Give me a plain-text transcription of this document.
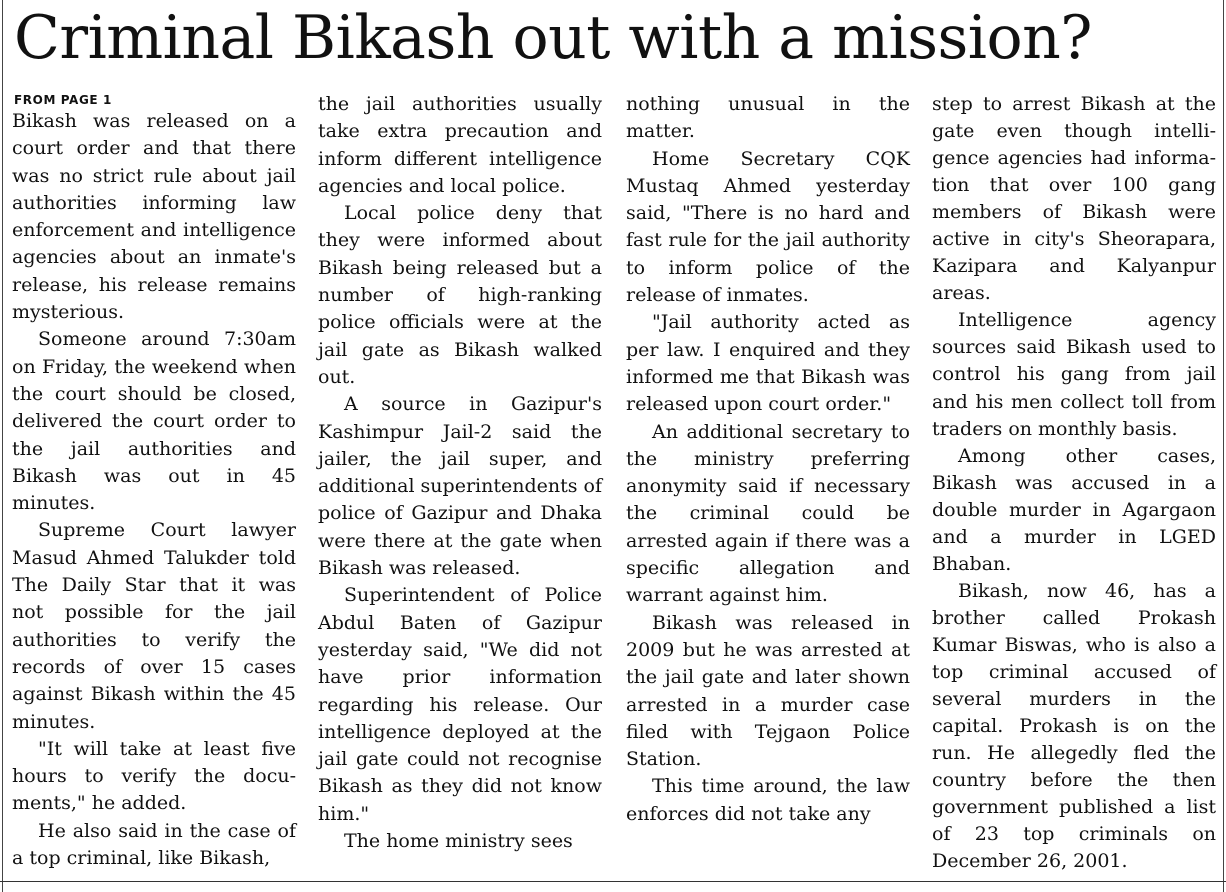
Criminal Bikash out with a mission?
FROM PAGE 1

Bikash was released on a court order and that there was no strict rule about jail authorities informing law enforcement and intelligence agencies about an inmate's release, his release remains mysterious.

Someone around 7:30am on Friday, the weekend when the court should be closed, delivered the court order to the jail authorities and Bikash was out in 45 minutes.

Supreme Court lawyer Masud Ahmed Talukder told The Daily Star that it was not possible for the jail authorities to verify the records of over 15 cases against Bikash within the 45 minutes.

"It will take at least five hours to verify the documents," he added.

He also said in the case of a top criminal, like Bikash,

the jail authorities usually take extra precaution and inform different intelligence agencies and local police.

Local police deny that they were informed about Bikash being released but a number of high-ranking police officials were at the jail gate as Bikash walked out.

A source in Gazipur's Kashimpur Jail-2 said the jailer, the jail super, and additional superintendents of police of Gazipur and Dhaka were there at the gate when Bikash was released.

Superintendent of Police Abdul Baten of Gazipur yesterday said, "We did not have prior information regarding his release. Our intelligence deployed at the jail gate could not recognise Bikash as they did not know him."

The home ministry sees

nothing unusual in the matter.

Home Secretary CQK Mustaq Ahmed yesterday said, "There is no hard and fast rule for the jail authority to inform police of the release of inmates.

"Jail authority acted as per law. I enquired and they informed me that Bikash was released upon court order."

An additional secretary to the ministry preferring anonymity said if necessary the criminal could be arrested again if there was a specific allegation and warrant against him.

Bikash was released in 2009 but he was arrested at the jail gate and later shown arrested in a murder case filed with Tejgaon Police Station.

This time around, the law enforces did not take any

step to arrest Bikash at the gate even though intelligence agencies had information that over 100 gang members of Bikash were active in city's Sheorapara, Kazipara and Kalyanpur areas.

Intelligence agency sources said Bikash used to control his gang from jail and his men collect toll from traders on monthly basis.

Among other cases, Bikash was accused in a double murder in Agargaon and a murder in LGED Bhaban.

Bikash, now 46, has a brother called Prokash Kumar Biswas, who is also a top criminal accused of several murders in the capital. Prokash is on the run. He allegedly fled the country before the then government published a list of 23 top criminals on December 26, 2001.
